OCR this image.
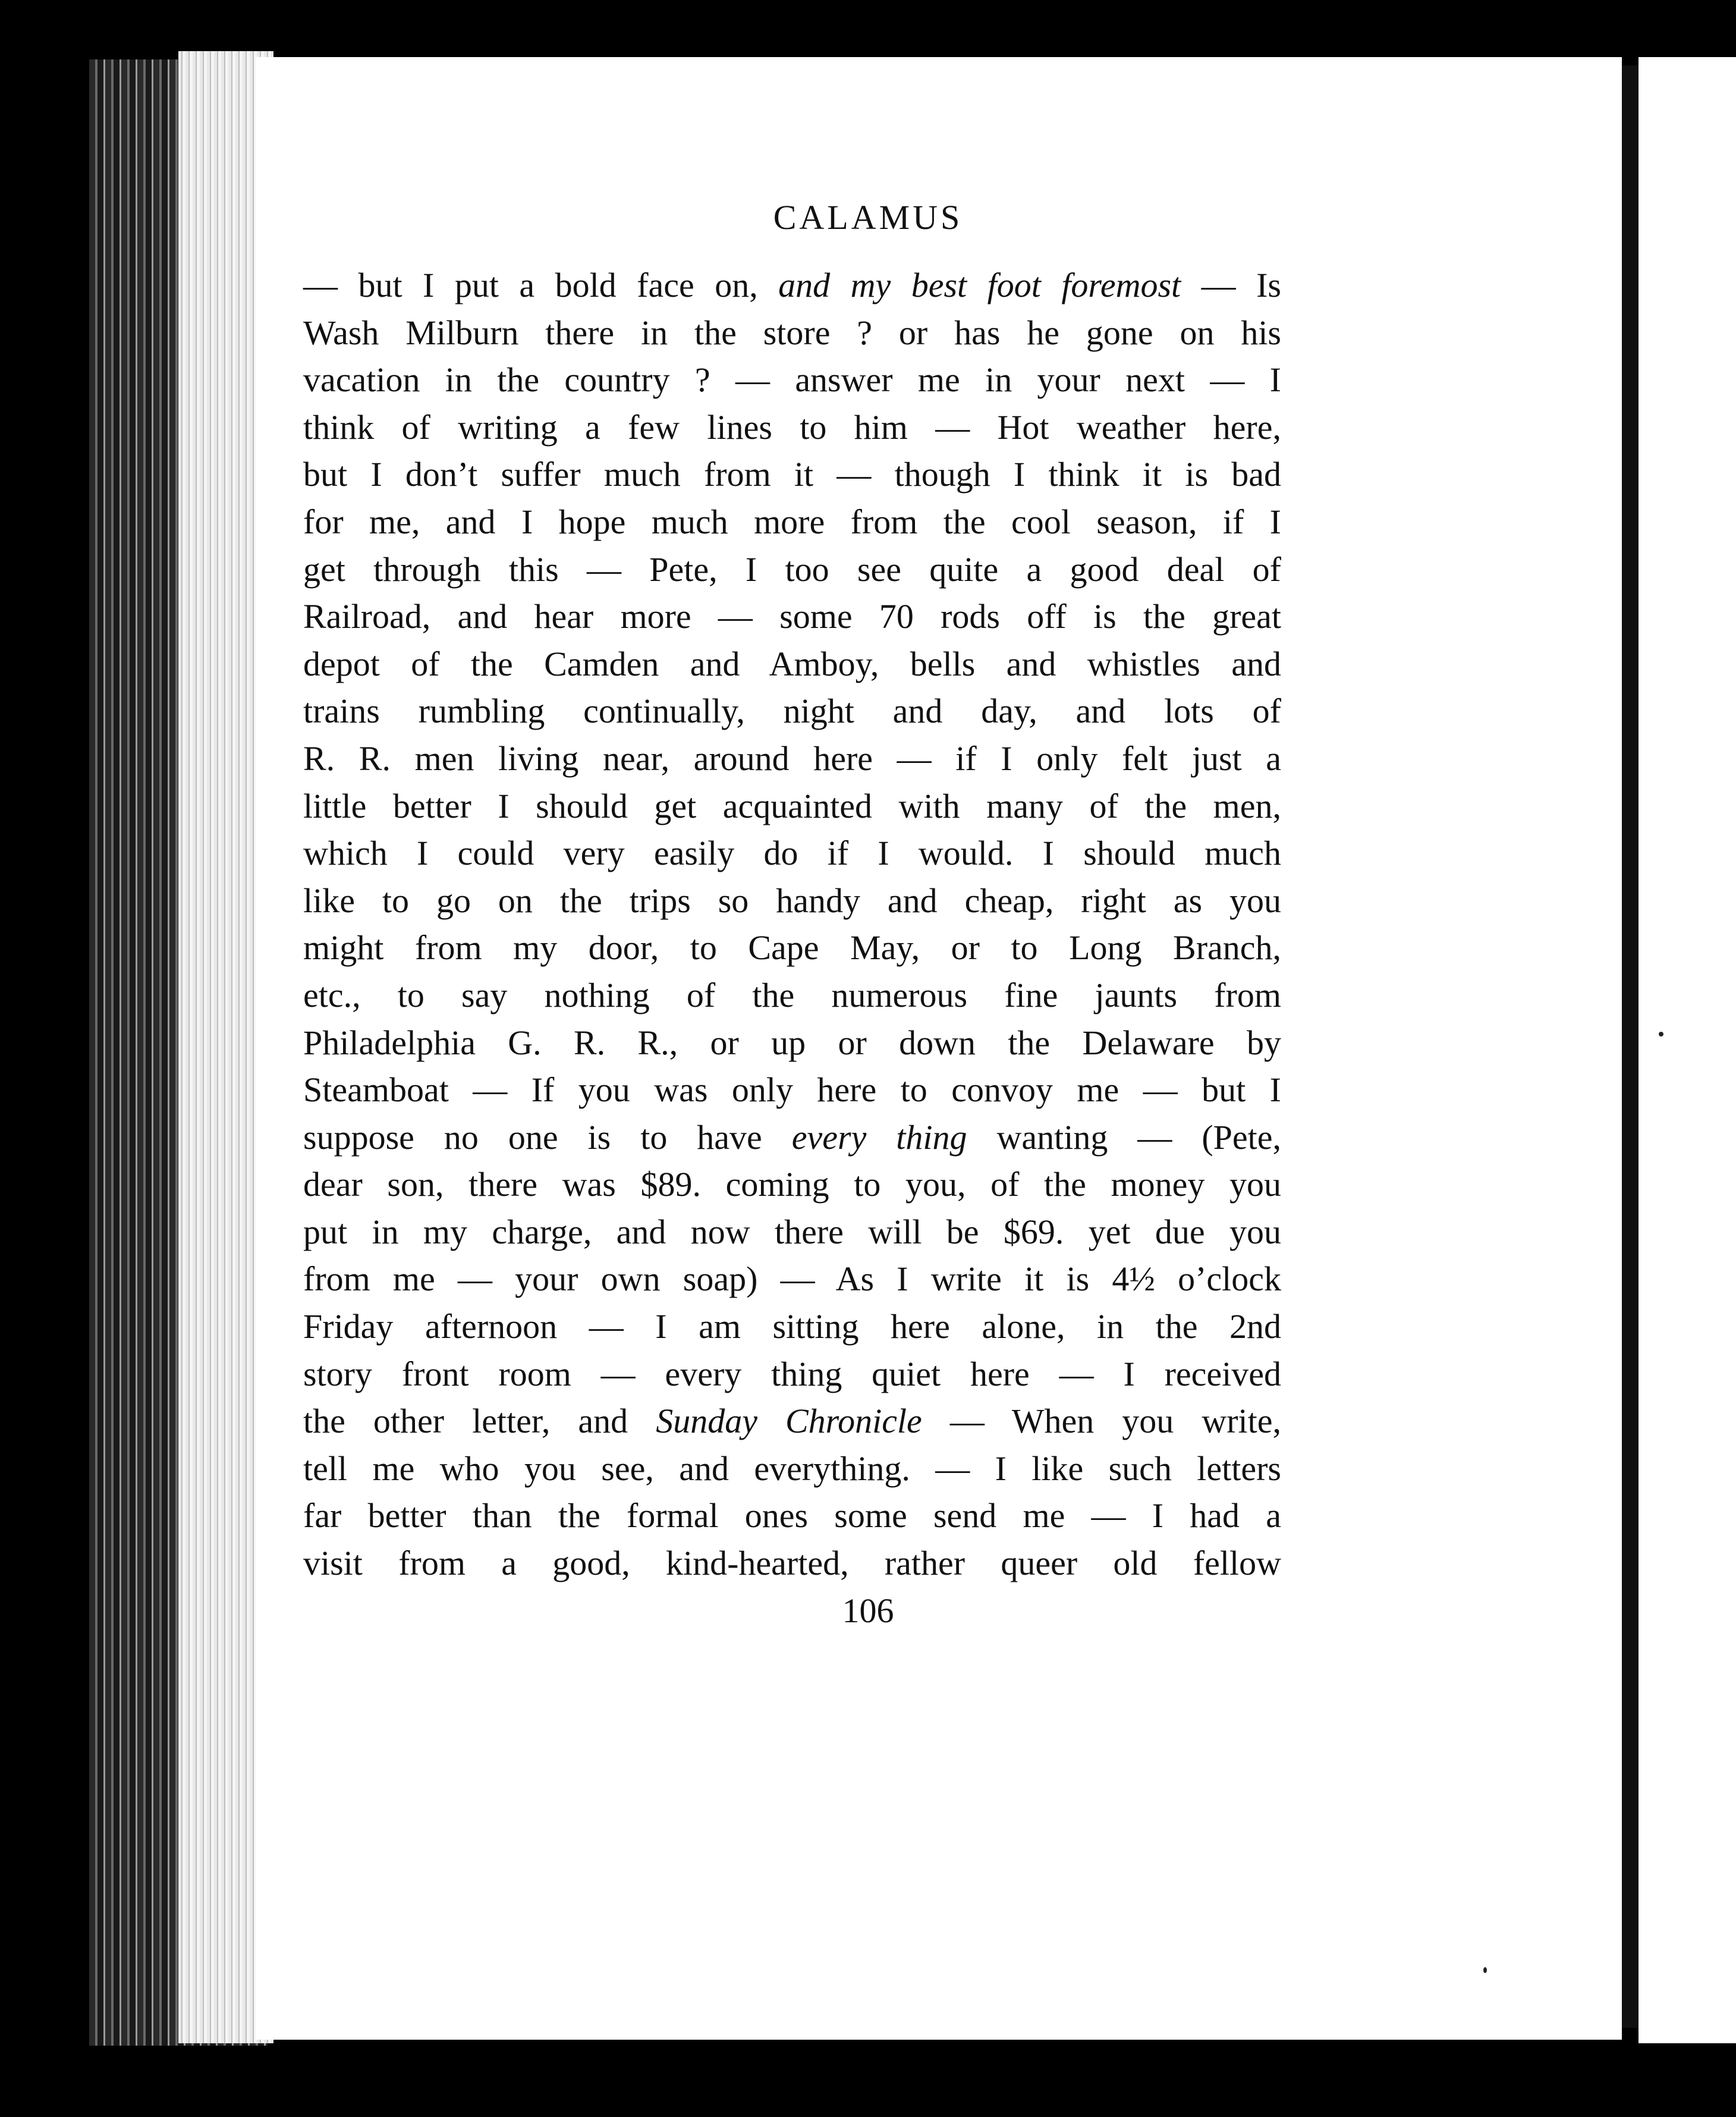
CALAMUS
— but I put a bold face on, and my best foot foremost — Is
Wash Milburn there in the store ? or has he gone on his
vacation in the country ? — answer me in your next — I
think of writing a few lines to him — Hot weather here,
but I don’t suffer much from it — though I think it is bad
for me, and I hope much more from the cool season, if I
get through this — Pete, I too see quite a good deal of
Railroad, and hear more — some 70 rods off is the great
depot of the Camden and Amboy, bells and whistles and
trains rumbling continually, night and day, and lots of
R. R. men living near, around here — if I only felt just a
little better I should get acquainted with many of the men,
which I could very easily do if I would. I should much
like to go on the trips so handy and cheap, right as you
might from my door, to Cape May, or to Long Branch,
etc., to say nothing of the numerous fine jaunts from
Philadelphia G. R. R., or up or down the Delaware by
Steamboat — If you was only here to convoy me — but I
suppose no one is to have every thing wanting — (Pete,
dear son, there was $89. coming to you, of the money you
put in my charge, and now there will be $69. yet due you
from me — your own soap) — As I write it is 4½ o’clock
Friday afternoon — I am sitting here alone, in the 2nd
story front room — every thing quiet here — I received
the other letter, and Sunday Chronicle — When you write,
tell me who you see, and everything. — I like such letters
far better than the formal ones some send me — I had a
visit from a good, kind-hearted, rather queer old fellow
106
